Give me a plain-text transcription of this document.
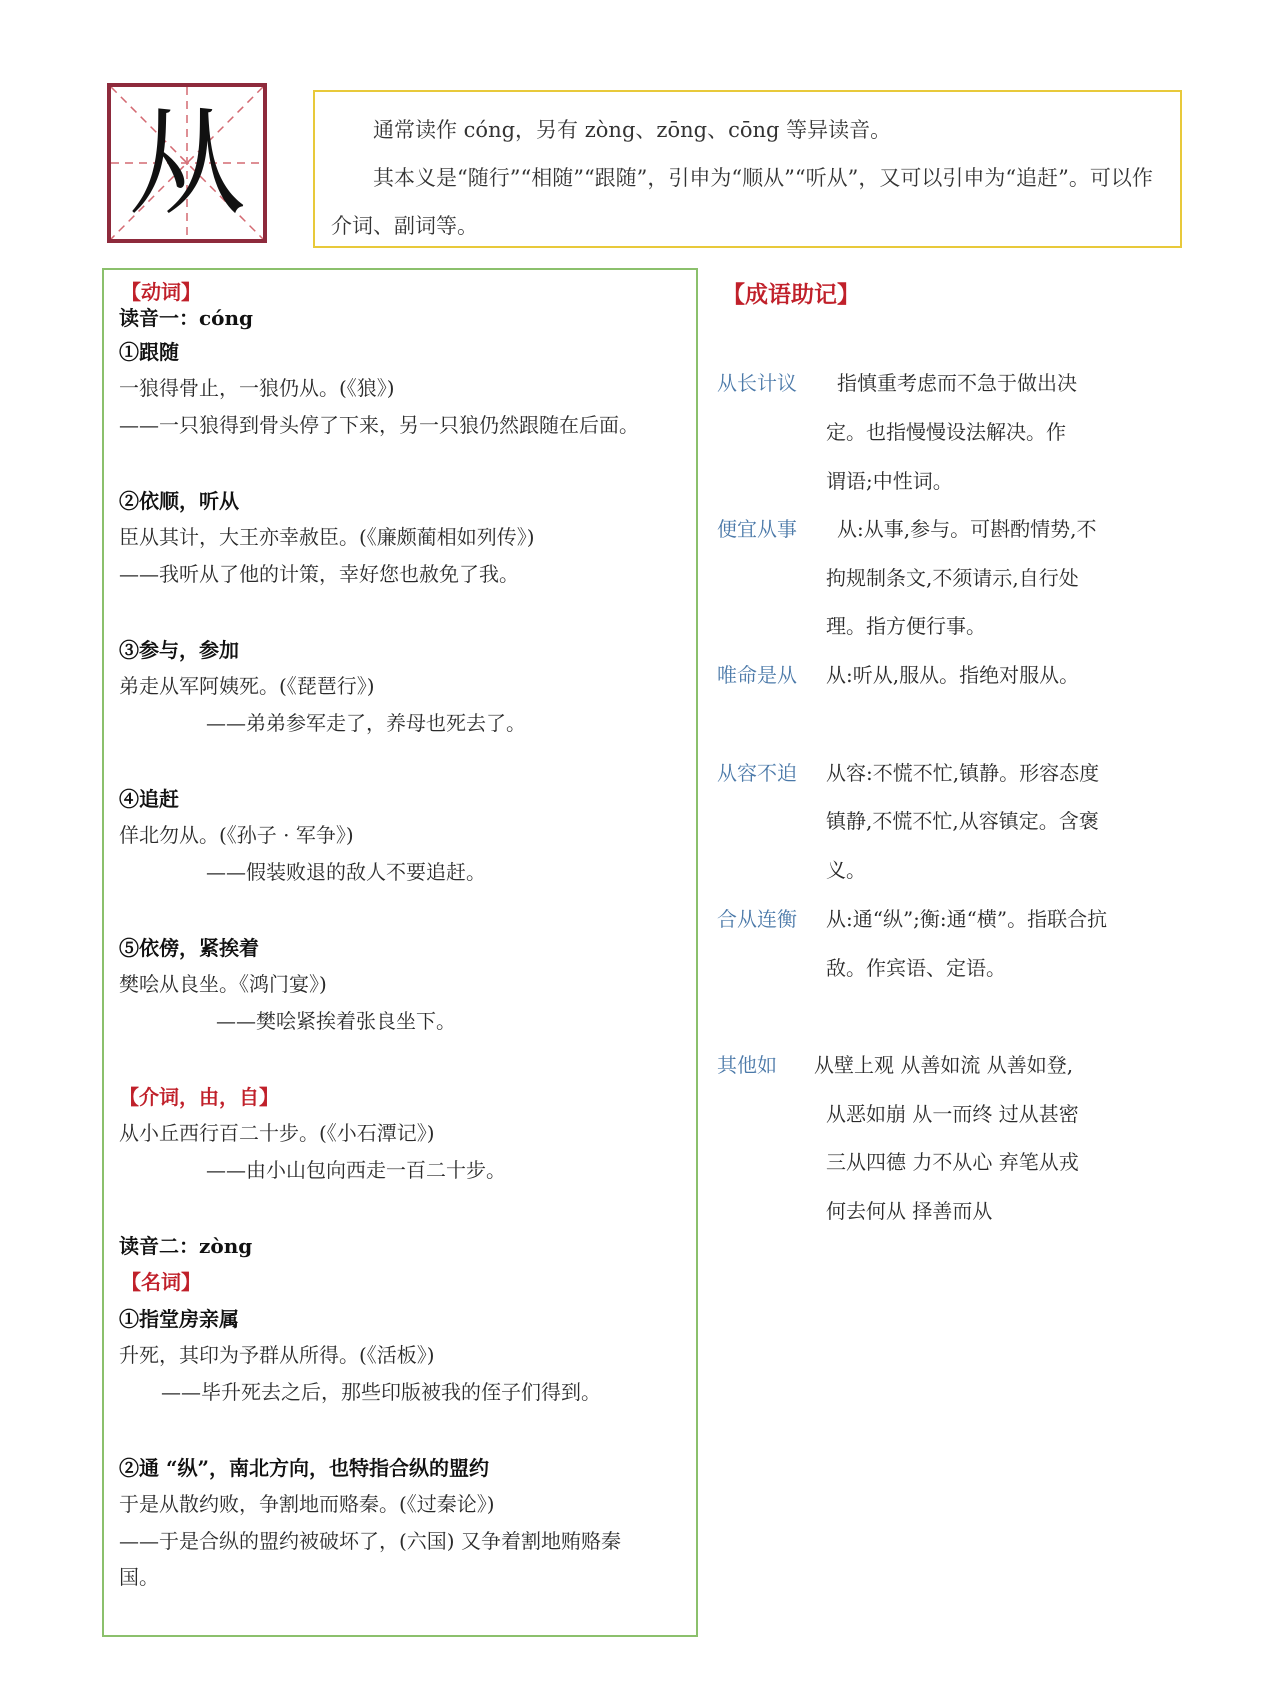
从	通常读作 cóng，另有 zòng、zōng、cōng 等异读音。

其本义是“随行”“相随”“跟随”，引申为“顺从”“听从”，又可以引申为“追赶”。可以作

介词、副词等。

【动词】
读音一：cóng
①跟随
一狼得骨止，一狼仍从。(《狼》)
——一只狼得到骨头停了下来，另一只狼仍然跟随在后面。
②依顺，听从
臣从其计，大王亦幸赦臣。(《廉颇蔺相如列传》)
——我听从了他的计策，幸好您也赦免了我。
③参与，参加
弟走从军阿姨死。(《琵琶行》)
——弟弟参军走了，养母也死去了。
④追赶
佯北勿从。(《孙子 · 军争》)
——假装败退的敌人不要追赶。
⑤依傍，紧挨着
樊哙从良坐。《鸿门宴》)
——樊哙紧挨着张良坐下。
【介词，由，自】
从小丘西行百二十步。(《小石潭记》)
——由小山包向西走一百二十步。
读音二：zòng
【名词】
①指堂房亲属
升死，其印为予群从所得。(《活板》)
——毕升死去之后，那些印版被我的侄子们得到。
②通 “纵”，南北方向，也特指合纵的盟约
于是从散约败，争割地而赂秦。(《过秦论》)
——于是合纵的盟约被破坏了，(六国) 又争着割地贿赂秦
国。
【成语助记】
从长计议 指慎重考虑而不急于做出决
定。也指慢慢设法解决。作
谓语;中性词。
便宜从事 从:从事,参与。可斟酌情势,不
拘规制条文,不须请示,自行处
理。指方便行事。
唯命是从 从:听从,服从。指绝对服从。
从容不迫 从容:不慌不忙,镇静。形容态度
镇静,不慌不忙,从容镇定。含褒
义。
合从连衡 从:通“纵”;衡:通“横”。指联合抗
敌。作宾语、定语。
其他如 从壁上观 从善如流 从善如登,
从恶如崩 从一而终 过从甚密
三从四德 力不从心 弃笔从戎
何去何从 择善而从
